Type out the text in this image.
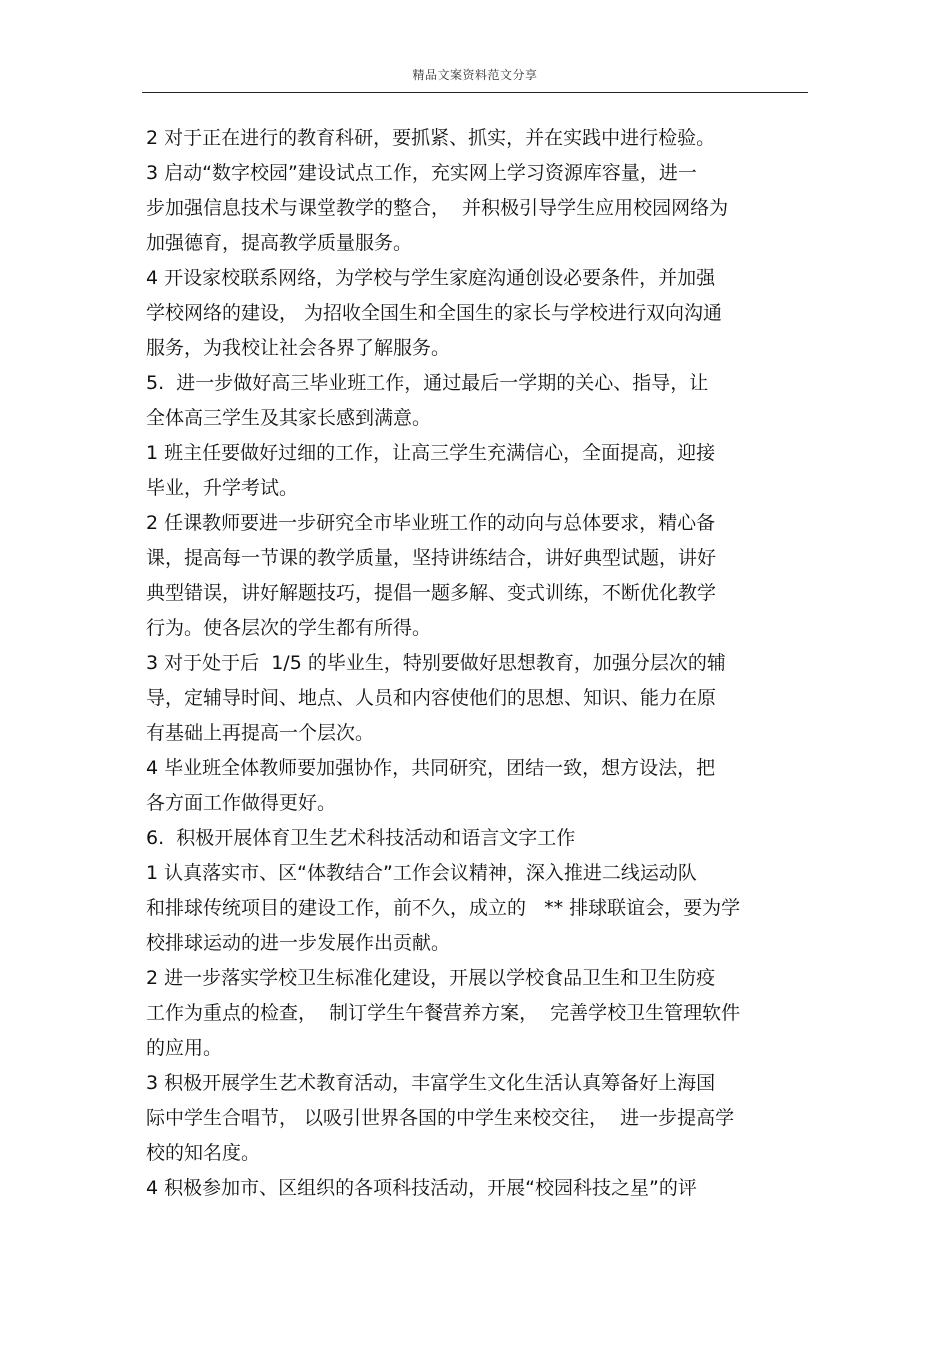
精品文案资料范文分享
2 对于正在进行的教育科研，要抓紧、抓实，并在实践中进行检验。
3 启动“数字校园”建设试点工作，充实网上学习资源库容量，进一
步加强信息技术与课堂教学的整合，  并积极引导学生应用校园网络为
加强德育，提高教学质量服务。
4 开设家校联系网络，为学校与学生家庭沟通创设必要条件，并加强
学校网络的建设， 为招收全国生和全国生的家长与学校进行双向沟通
服务，为我校让社会各界了解服务。
5.  进一步做好高三毕业班工作，通过最后一学期的关心、指导，让
全体高三学生及其家长感到满意。
1 班主任要做好过细的工作，让高三学生充满信心，全面提高，迎接
毕业，升学考试。
2 任课教师要进一步研究全市毕业班工作的动向与总体要求，精心备
课，提高每一节课的教学质量，坚持讲练结合，讲好典型试题，讲好
典型错误，讲好解题技巧，提倡一题多解、变式训练，不断优化教学
行为。使各层次的学生都有所得。
3 对于处于后  1/5 的毕业生，特别要做好思想教育，加强分层次的辅
导，定辅导时间、地点、人员和内容使他们的思想、知识、能力在原
有基础上再提高一个层次。
4 毕业班全体教师要加强协作，共同研究，团结一致，想方设法，把
各方面工作做得更好。
6.  积极开展体育卫生艺术科技活动和语言文字工作
1 认真落实市、区“体教结合”工作会议精神，深入推进二线运动队
和排球传统项目的建设工作，前不久，成立的   ** 排球联谊会，要为学
校排球运动的进一步发展作出贡献。
2 进一步落实学校卫生标准化建设，开展以学校食品卫生和卫生防疫
工作为重点的检查，  制订学生午餐营养方案，  完善学校卫生管理软件
的应用。
3 积极开展学生艺术教育活动，丰富学生文化生活认真筹备好上海国
际中学生合唱节， 以吸引世界各国的中学生来校交往，  进一步提高学
校的知名度。
4 积极参加市、区组织的各项科技活动，开展“校园科技之星”的评
